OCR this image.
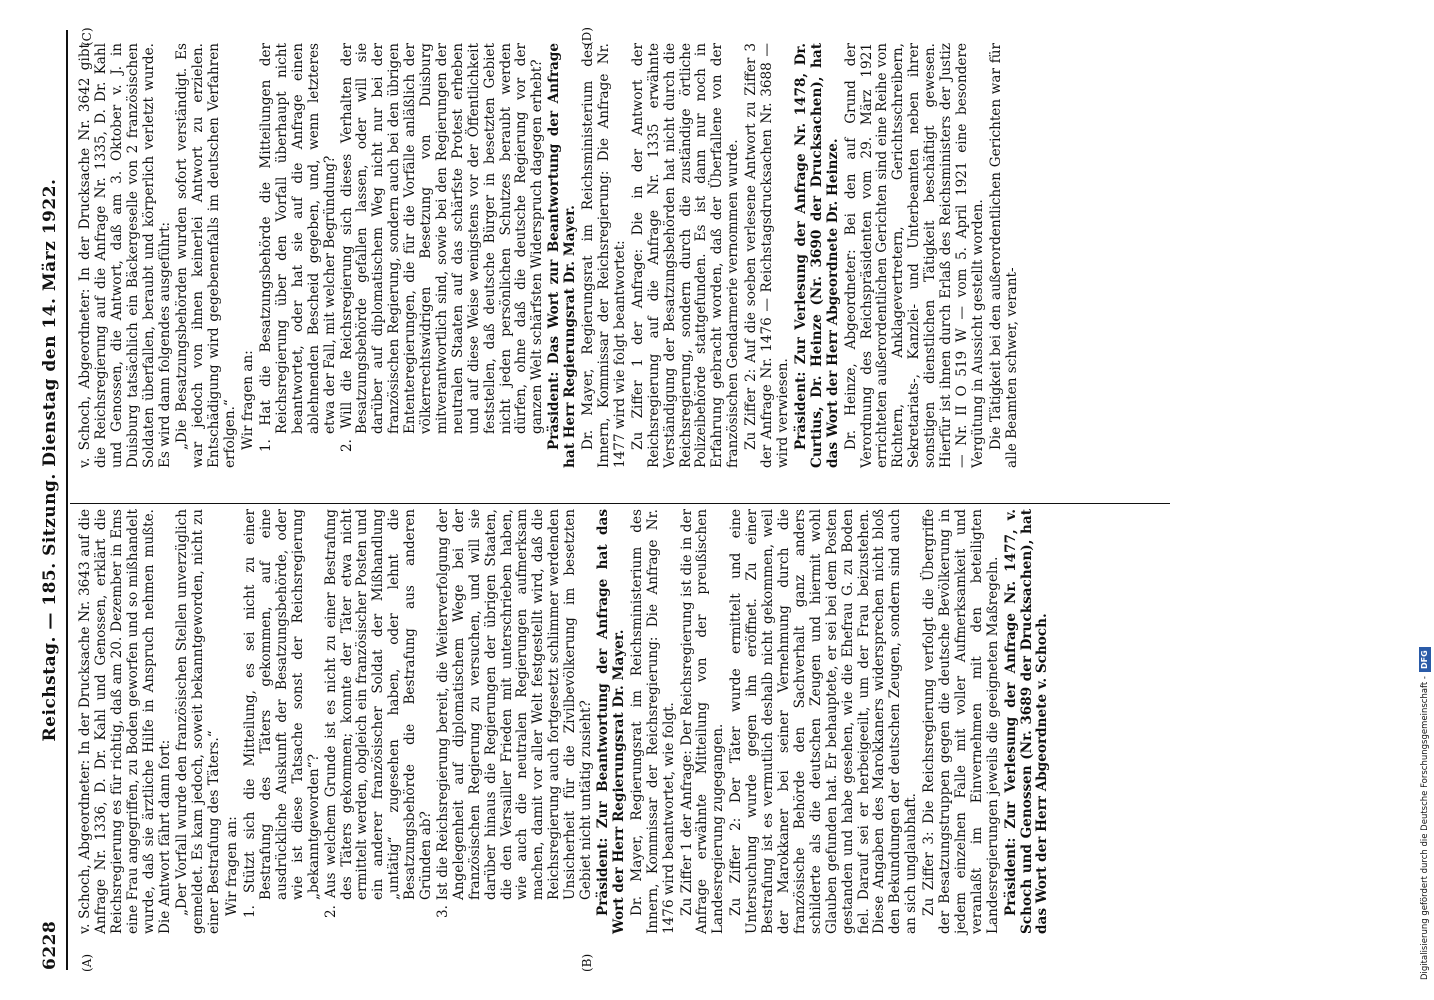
6228
Reichstag. — 185. Sitzung. Dienstag den 14. März 1922.
(A)	(B)
(C)	(D)

v. Schoch, Abgeordneter: In der Drucksache Nr. 3643 auf die Anfrage Nr. 1336, D. Dr. Kahl und Genossen, erklärt die Reichsregierung es für richtig, daß am 20. Dezember in Ems eine Frau angegriffen, zu Boden geworfen und so mißhandelt wurde, daß sie ärztliche Hilfe in Anspruch nehmen mußte. Die Antwort fährt dann fort: „Der Vorfall wurde den französischen Stellen unverzüglich gemeldet. Es kam jedoch, soweit bekanntgeworden, nicht zu einer Bestrafung des Täters.“ Wir fragen an: 1. Stützt sich die Mitteilung, es sei nicht zu einer Bestrafung des Täters gekommen, auf eine ausdrückliche Auskunft der Besatzungsbehörde, oder wie ist diese Tatsache sonst der Reichsregierung „bekanntgeworden“? 2. Aus welchem Grunde ist es nicht zu einer Bestrafung des Täters gekommen; konnte der Täter etwa nicht ermittelt werden, obgleich ein französischer Posten und ein anderer französischer Soldat der Mißhandlung „untätig“ zugesehen haben, oder lehnt die Besatzungsbehörde die Bestrafung aus anderen Gründen ab? 3. Ist die Reichsregierung bereit, die Weiterverfolgung der Angelegenheit auf diplomatischem Wege bei der französischen Regierung zu versuchen, und will sie darüber hinaus die Regierungen der übrigen Staaten, die den Versailler Frieden mit unterschrieben haben, wie auch die neutralen Regierungen aufmerksam machen, damit vor aller Welt festgestellt wird, daß die Reichsregierung auch fortgesetzt schlimmer werdenden Unsicherheit für die Zivilbevölkerung im besetzten Gebiet nicht untätig zusieht? Präsident: Zur Beantwortung der Anfrage hat das Wort der Herr Regierungsrat Dr. Mayer. Dr. Mayer, Regierungsrat im Reichsministerium des Innern, Kommissar der Reichsregierung: Die Anfrage Nr. 1476 wird beantwortet, wie folgt. Zu Ziffer 1 der Anfrage: Der Reichsregierung ist die in der Anfrage erwähnte Mitteilung von der preußischen Landesregierung zugegangen. Zu Ziffer 2: Der Täter wurde ermittelt und eine Untersuchung wurde gegen ihn eröffnet. Zu einer Bestrafung ist es vermutlich deshalb nicht gekommen, weil der Marokkaner bei seiner Vernehmung durch die französische Behörde den Sachverhalt ganz anders schilderte als die deutschen Zeugen und hiermit wohl Glauben gefunden hat. Er behauptete, er sei bei dem Posten gestanden und habe gesehen, wie die Ehefrau G. zu Boden fiel. Darauf sei er herbeigeeilt, um der Frau beizustehen. Diese Angaben des Marokkaners widersprechen nicht bloß den Bekundungen der deutschen Zeugen, sondern sind auch an sich unglaubhaft. Zu Ziffer 3: Die Reichsregierung verfolgt die Übergriffe der Besatzungstruppen gegen die deutsche Bevölkerung in jedem einzelnen Falle mit voller Aufmerksamkeit und veranlaßt im Einvernehmen mit den beteiligten Landesregierungen jeweils die geeigneten Maßregeln. Präsident: Zur Verlesung der Anfrage Nr. 1477, v. Schoch und Genossen (Nr. 3689 der Drucksachen), hat das Wort der Herr Abgeordnete v. Schoch.

v. Schoch, Abgeordneter: In der Drucksache Nr. 3642 gibt die Reichsregierung auf die Anfrage Nr. 1335, D. Dr. Kahl und Genossen, die Antwort, daß am 3. Oktober v. J. in Duisburg tatsächlich ein Bäckergeselle von 2 französischen Soldaten überfallen, beraubt und körperlich verletzt wurde. Es wird dann folgendes ausgeführt: „Die Besatzungsbehörden wurden sofort verständigt. Es war jedoch von ihnen keinerlei Antwort zu erzielen. Entschädigung wird gegebenenfalls im deutschen Verfahren erfolgen.“ Wir fragen an: 1. Hat die Besatzungsbehörde die Mitteilungen der Reichsregierung über den Vorfall überhaupt nicht beantwortet, oder hat sie auf die Anfrage einen ablehnenden Bescheid gegeben, und, wenn letzteres etwa der Fall, mit welcher Begründung? 2. Will die Reichsregierung sich dieses Verhalten der Besatzungsbehörde gefallen lassen, oder will sie darüber auf diplomatischem Weg nicht nur bei der französischen Regierung, sondern auch bei den übrigen Ententeregierungen, die für die Vorfälle anläßlich der völkerrechtswidrigen Besetzung von Duisburg mitverantwortlich sind, sowie bei den Regierungen der neutralen Staaten auf das schärfste Protest erheben und auf diese Weise wenigstens vor der Öffentlichkeit feststellen, daß deutsche Bürger in besetzten Gebiet nicht jeden persönlichen Schutzes beraubt werden dürfen, ohne daß die deutsche Regierung vor der ganzen Welt schärfsten Widerspruch dagegen erhebt? Präsident: Das Wort zur Beantwortung der Anfrage hat Herr Regierungsrat Dr. Mayer. Dr. Mayer, Regierungsrat im Reichsministerium des Innern, Kommissar der Reichsregierung: Die Anfrage Nr. 1477 wird wie folgt beantwortet: Zu Ziffer 1 der Anfrage: Die in der Antwort der Reichsregierung auf die Anfrage Nr. 1335 erwähnte Verständigung der Besatzungsbehörden hat nicht durch die Reichsregierung, sondern durch die zuständige örtliche Polizeibehörde stattgefunden. Es ist dann nur noch in Erfahrung gebracht worden, daß der Überfallene von der französischen Gendarmerie vernommen wurde. Zu Ziffer 2: Auf die soeben verlesene Antwort zu Ziffer 3 der Anfrage Nr. 1476 — Reichstagsdrucksachen Nr. 3688 — wird verwiesen. Präsident: Zur Verlesung der Anfrage Nr. 1478, Dr. Curtius, Dr. Heinze (Nr. 3690 der Drucksachen), hat das Wort der Herr Abgeordnete Dr. Heinze. Dr. Heinze, Abgeordneter: Bei den auf Grund der Verordnung des Reichspräsidenten vom 29. März 1921 errichteten außerordentlichen Gerichten sind eine Reihe von Richtern, Anklagevertretern, Gerichtsschreibern, Sekretariats-, Kanzlei- und Unterbeamten neben ihrer sonstigen dienstlichen Tätigkeit beschäftigt gewesen. Hierfür ist ihnen durch Erlaß des Reichsministers der Justiz — Nr. II O 519 W — vom 5. April 1921 eine besondere Vergütung in Aussicht gestellt worden. Die Tätigkeit bei den außerordentlichen Gerichten war für alle Beamten schwer, verant-

Digitalisierung gefördert durch die Deutsche Forschungsgemeinschaft -DFG
